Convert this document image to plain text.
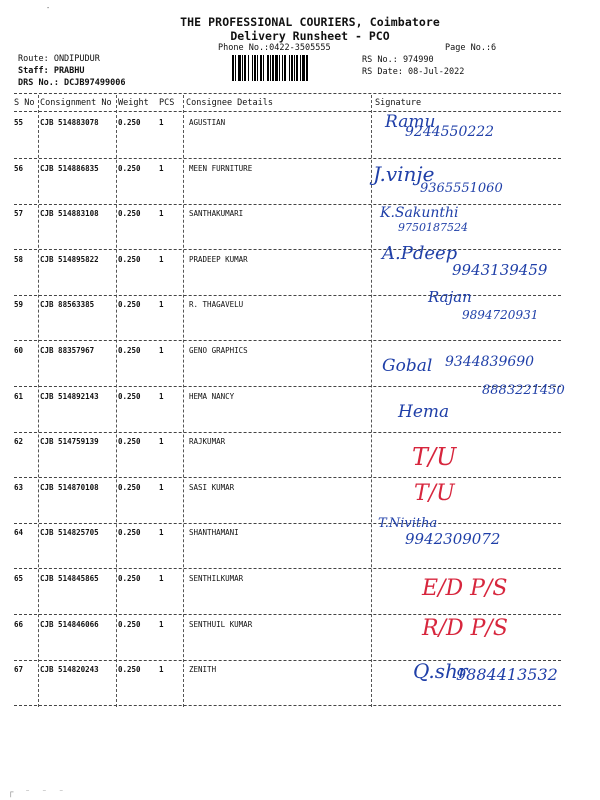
-
THE PROFESSIONAL COURIERS, Coimbatore
Delivery Runsheet - PCO
Phone No.:0422-3505555	Page No.:6
Route: ONDIPUDUR
Staff: PRABHU
DRS No.: DCJB97499006
RS No.: 974990
RS Date: 08-Jul-2022
S No Consignment No Weight PCS Consignee Details	Signature
55 CJB 514883078	0.250 1	AGUSTIAN	Ramu
9244550222
56 CJB 514886835	0.250 1	MEEN FURNITURE	J.vinje
9365551060
57 CJB 514883108	0.250 1	SANTHAKUMARI	K.Sakunthi
9750187524
58 CJB 514895822	0.250 1	PRADEEP KUMAR	A.Pdeep
9943139459
59 CJB 88563385	0.250 1	R. THAGAVELU	Rajan
9894720931
60 CJB 88357967	0.250 1	GENO GRAPHICS
Gobal 9344839690
61 CJB 514892143	0.250 1	HEMA NANCY
Hema
8883221450
62 CJB 514759139	0.250 1	RAJKUMAR
T/U
63 CJB 514870108	0.250 1	SASI KUMAR	T/U
64 CJB 514825705	0.250 1	SHANTHAMANI
T.Nivitha
9942309072
65 CJB 514845865	0.250 1	SENTHILKUMAR	E/D P/S
66 CJB 514846066	0.250 1	SENTHUIL KUMAR	R/D P/S
67 CJB 514820243	0.250 1	ZENITH	Q.shr
9884413532
┌ ⁻ ⁻ ⁻
